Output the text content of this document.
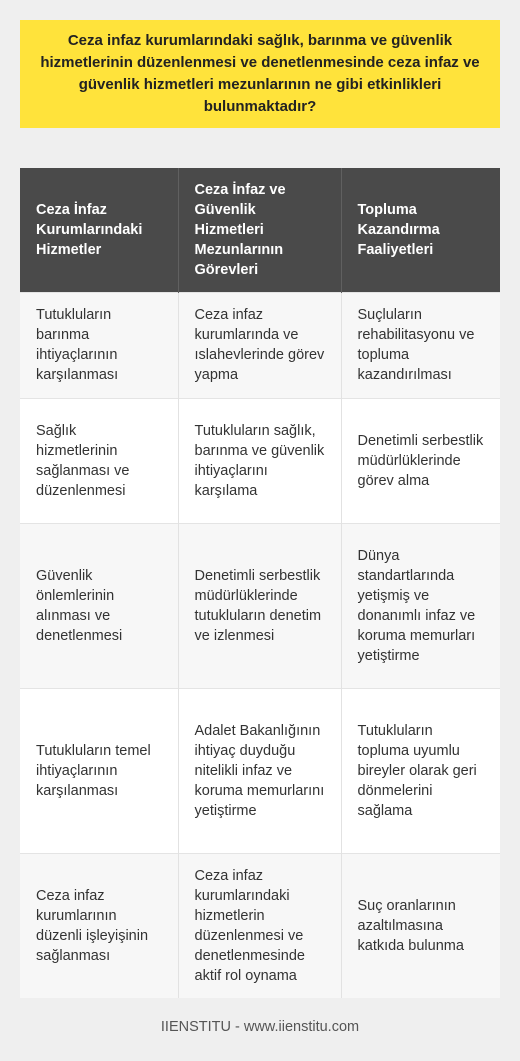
Ceza infaz kurumlarındaki sağlık, barınma ve güvenlik hizmetlerinin düzenlenmesi ve denetlenmesinde ceza infaz ve güvenlik hizmetleri mezunlarının ne gibi etkinlikleri bulunmaktadır?
Ceza İnfaz Kurumlarındaki Hizmetler	Ceza İnfaz ve Güvenlik Hizmetleri Mezunlarının Görevleri	Topluma Kazandırma Faaliyetleri
Tutukluların barınma ihtiyaçlarının karşılanması	Ceza infaz kurumlarında ve ıslahevlerinde görev yapma	Suçluların rehabilitasyonu ve topluma kazandırılması
Sağlık hizmetlerinin sağlanması ve düzenlenmesi	Tutukluların sağlık, barınma ve güvenlik ihtiyaçlarını karşılama	Denetimli serbestlik müdürlüklerinde görev alma
Güvenlik önlemlerinin alınması ve denetlenmesi	Denetimli serbestlik müdürlüklerinde tutukluların denetim ve izlenmesi	Dünya standartlarında yetişmiş ve donanımlı infaz ve koruma memurları yetiştirme
Tutukluların temel ihtiyaçlarının karşılanması	Adalet Bakanlığının ihtiyaç duyduğu nitelikli infaz ve koruma memurlarını yetiştirme	Tutukluların topluma uyumlu bireyler olarak geri dönmelerini sağlama
Ceza infaz kurumlarının düzenli işleyişinin sağlanması	Ceza infaz kurumlarındaki hizmetlerin düzenlenmesi ve denetlenmesinde aktif rol oynama	Suç oranlarının azaltılmasına katkıda bulunma
IIENSTITU - www.iienstitu.com
